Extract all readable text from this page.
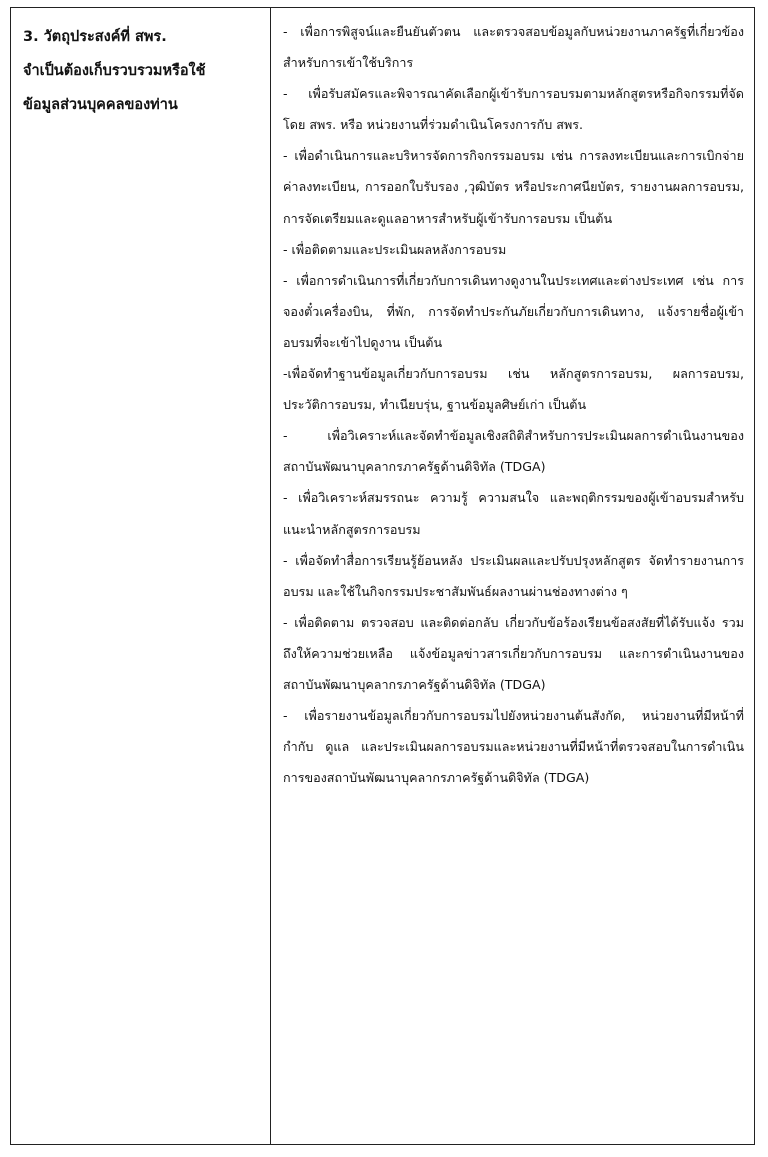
3. วัตถุประสงค์ที่ สพร.
จำเป็นต้องเก็บรวบรวมหรือใช้
ข้อมูลส่วนบุคคลของท่าน

- เพื่อการพิสูจน์และยืนยันตัวตน และตรวจสอบข้อมูลกับหน่วยงานภาครัฐที่เกี่ยวข้องสำหรับการเข้าใช้บริการ

- เพื่อรับสมัครและพิจารณาคัดเลือกผู้เข้ารับการอบรมตามหลักสูตรหรือกิจกรรมที่จัดโดย สพร. หรือ หน่วยงานที่ร่วมดำเนินโครงการกับ สพร.

- เพื่อดำเนินการและบริหารจัดการกิจกรรมอบรม เช่น การลงทะเบียนและการเบิกจ่ายค่าลงทะเบียน, การออกใบรับรอง ,วุฒิบัตร หรือประกาศนียบัตร, รายงานผลการอบรม, การจัดเตรียมและดูแลอาหารสำหรับผู้เข้ารับการอบรม เป็นต้น

- เพื่อติดตามและประเมินผลหลังการอบรม

- เพื่อการดำเนินการที่เกี่ยวกับการเดินทางดูงานในประเทศและต่างประเทศ เช่น การจองตั๋วเครื่องบิน, ที่พัก, การจัดทำประกันภัยเกี่ยวกับการเดินทาง, แจ้งรายชื่อผู้เข้าอบรมที่จะเข้าไปดูงาน เป็นต้น

-เพื่อจัดทำฐานข้อมูลเกี่ยวกับการอบรม เช่น หลักสูตรการอบรม, ผลการอบรม, ประวัติการอบรม, ทำเนียบรุ่น, ฐานข้อมูลศิษย์เก่า เป็นต้น

- เพื่อวิเคราะห์และจัดทำข้อมูลเชิงสถิติสำหรับการประเมินผลการดำเนินงานของสถาบันพัฒนาบุคลากรภาครัฐด้านดิจิทัล (TDGA)

- เพื่อวิเคราะห์สมรรถนะ ความรู้ ความสนใจ และพฤติกรรมของผู้เข้าอบรมสำหรับแนะนำหลักสูตรการอบรม

- เพื่อจัดทำสื่อการเรียนรู้ย้อนหลัง ประเมินผลและปรับปรุงหลักสูตร จัดทำรายงานการอบรม และใช้ในกิจกรรมประชาสัมพันธ์ผลงานผ่านช่องทางต่าง ๆ

- เพื่อติดตาม ตรวจสอบ และติดต่อกลับ เกี่ยวกับข้อร้องเรียนข้อสงสัยที่ได้รับแจ้ง รวมถึงให้ความช่วยเหลือ แจ้งข้อมูลข่าวสารเกี่ยวกับการอบรม และการดำเนินงานของ สถาบันพัฒนาบุคลากรภาครัฐด้านดิจิทัล (TDGA)

- เพื่อรายงานข้อมูลเกี่ยวกับการอบรมไปยังหน่วยงานต้นสังกัด, หน่วยงานที่มีหน้าที่กำกับ ดูแล และประเมินผลการอบรมและหน่วยงานที่มีหน้าที่ตรวจสอบในการดำเนินการของสถาบันพัฒนาบุคลากรภาครัฐด้านดิจิทัล (TDGA)
